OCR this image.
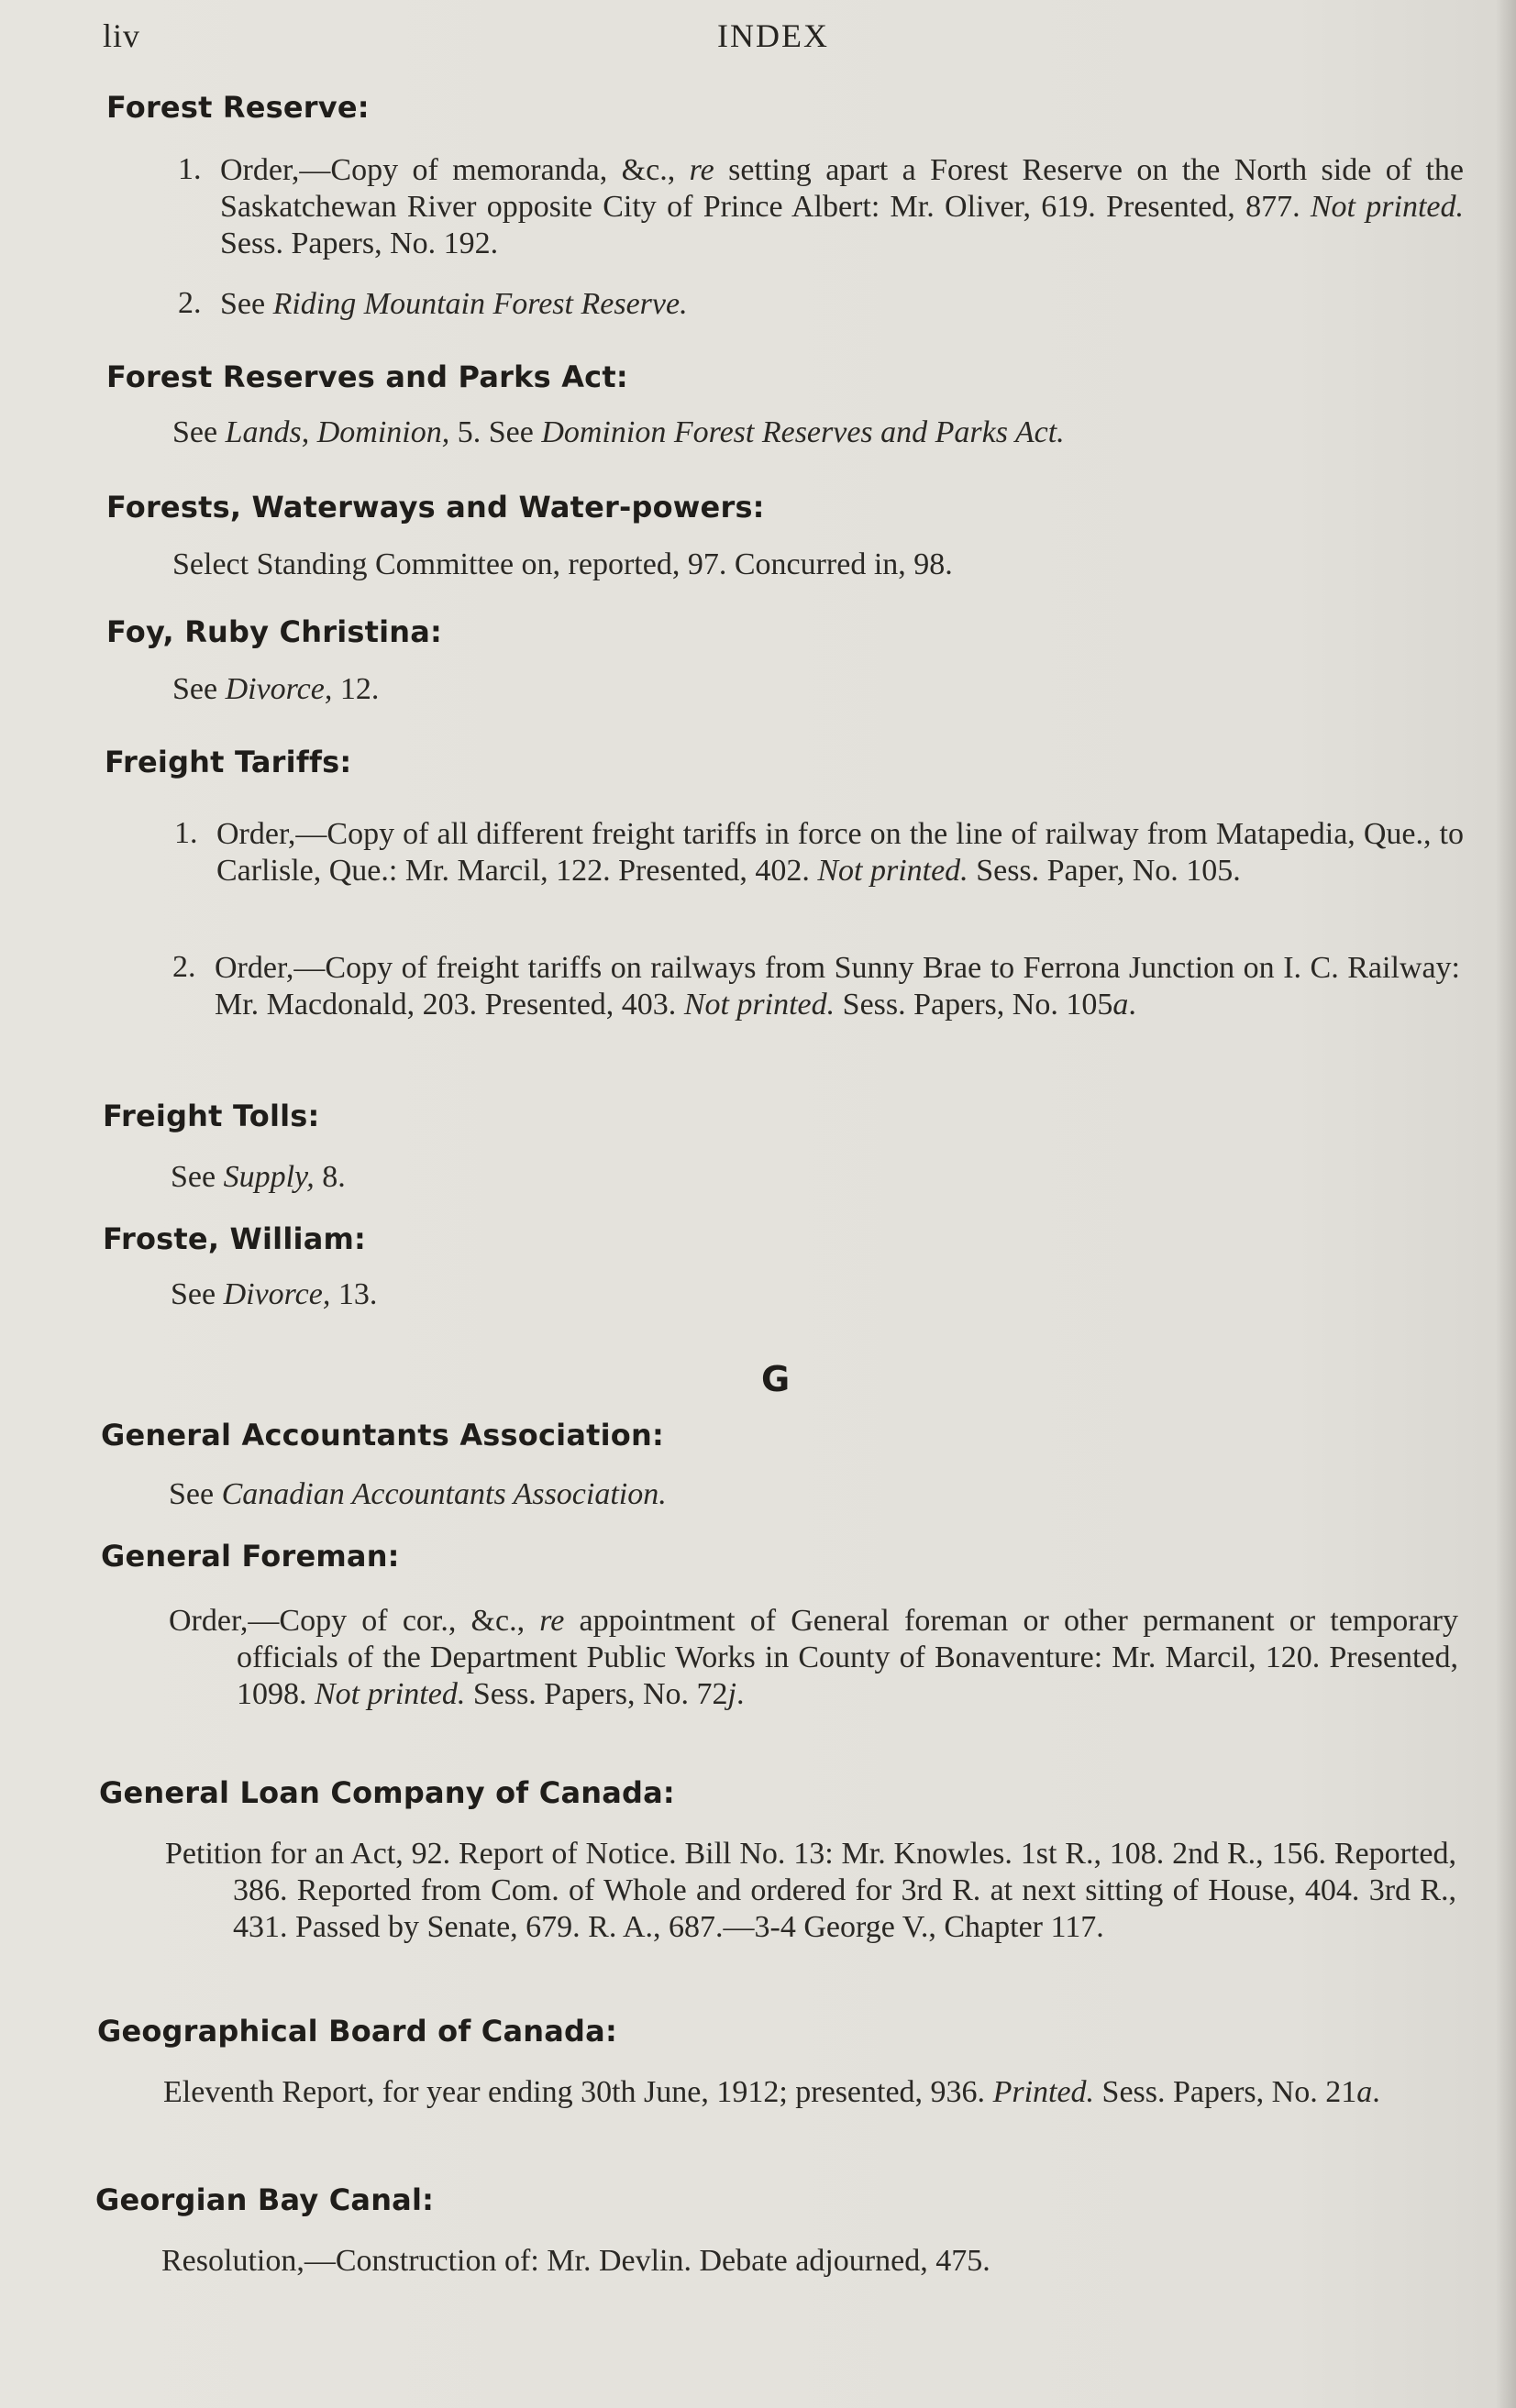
liv	INDEX
Forest Reserve:
1. Order,—Copy of memoranda, &c., re setting apart a Forest Reserve on the North side of the Saskatchewan River opposite City of Prince Albert: Mr. Oliver, 619. Presented, 877. Not printed. Sess. Papers, No. 192.
2. See Riding Mountain Forest Reserve.
Forest Reserves and Parks Act:
See Lands, Dominion, 5. See Dominion Forest Reserves and Parks Act.
Forests, Waterways and Water-powers:
Select Standing Committee on, reported, 97. Concurred in, 98.
Foy, Ruby Christina:
See Divorce, 12.
Freight Tariffs:
1. Order,—Copy of all different freight tariffs in force on the line of railway from Matapedia, Que., to Carlisle, Que.: Mr. Marcil, 122. Presented, 402. Not printed. Sess. Paper, No. 105.
2. Order,—Copy of freight tariffs on railways from Sunny Brae to Ferrona Junction on I. C. Railway: Mr. Macdonald, 203. Presented, 403. Not printed. Sess. Papers, No. 105a.
Freight Tolls:
See Supply, 8.
Froste, William:
See Divorce, 13.
G
General Accountants Association:
See Canadian Accountants Association.
General Foreman:
Order,—Copy of cor., &c., re appointment of General foreman or other permanent or temporary officials of the Department Public Works in County of Bonaventure: Mr. Marcil, 120. Presented, 1098. Not printed. Sess. Papers, No. 72j.
General Loan Company of Canada:
Petition for an Act, 92. Report of Notice. Bill No. 13: Mr. Knowles. 1st R., 108. 2nd R., 156. Reported, 386. Reported from Com. of Whole and ordered for 3rd R. at next sitting of House, 404. 3rd R., 431. Passed by Senate, 679. R. A., 687.—3-4 George V., Chapter 117.
Geographical Board of Canada:
Eleventh Report, for year ending 30th June, 1912; presented, 936. Printed. Sess. Papers, No. 21a.
Georgian Bay Canal:
Resolution,—Construction of: Mr. Devlin. Debate adjourned, 475.
